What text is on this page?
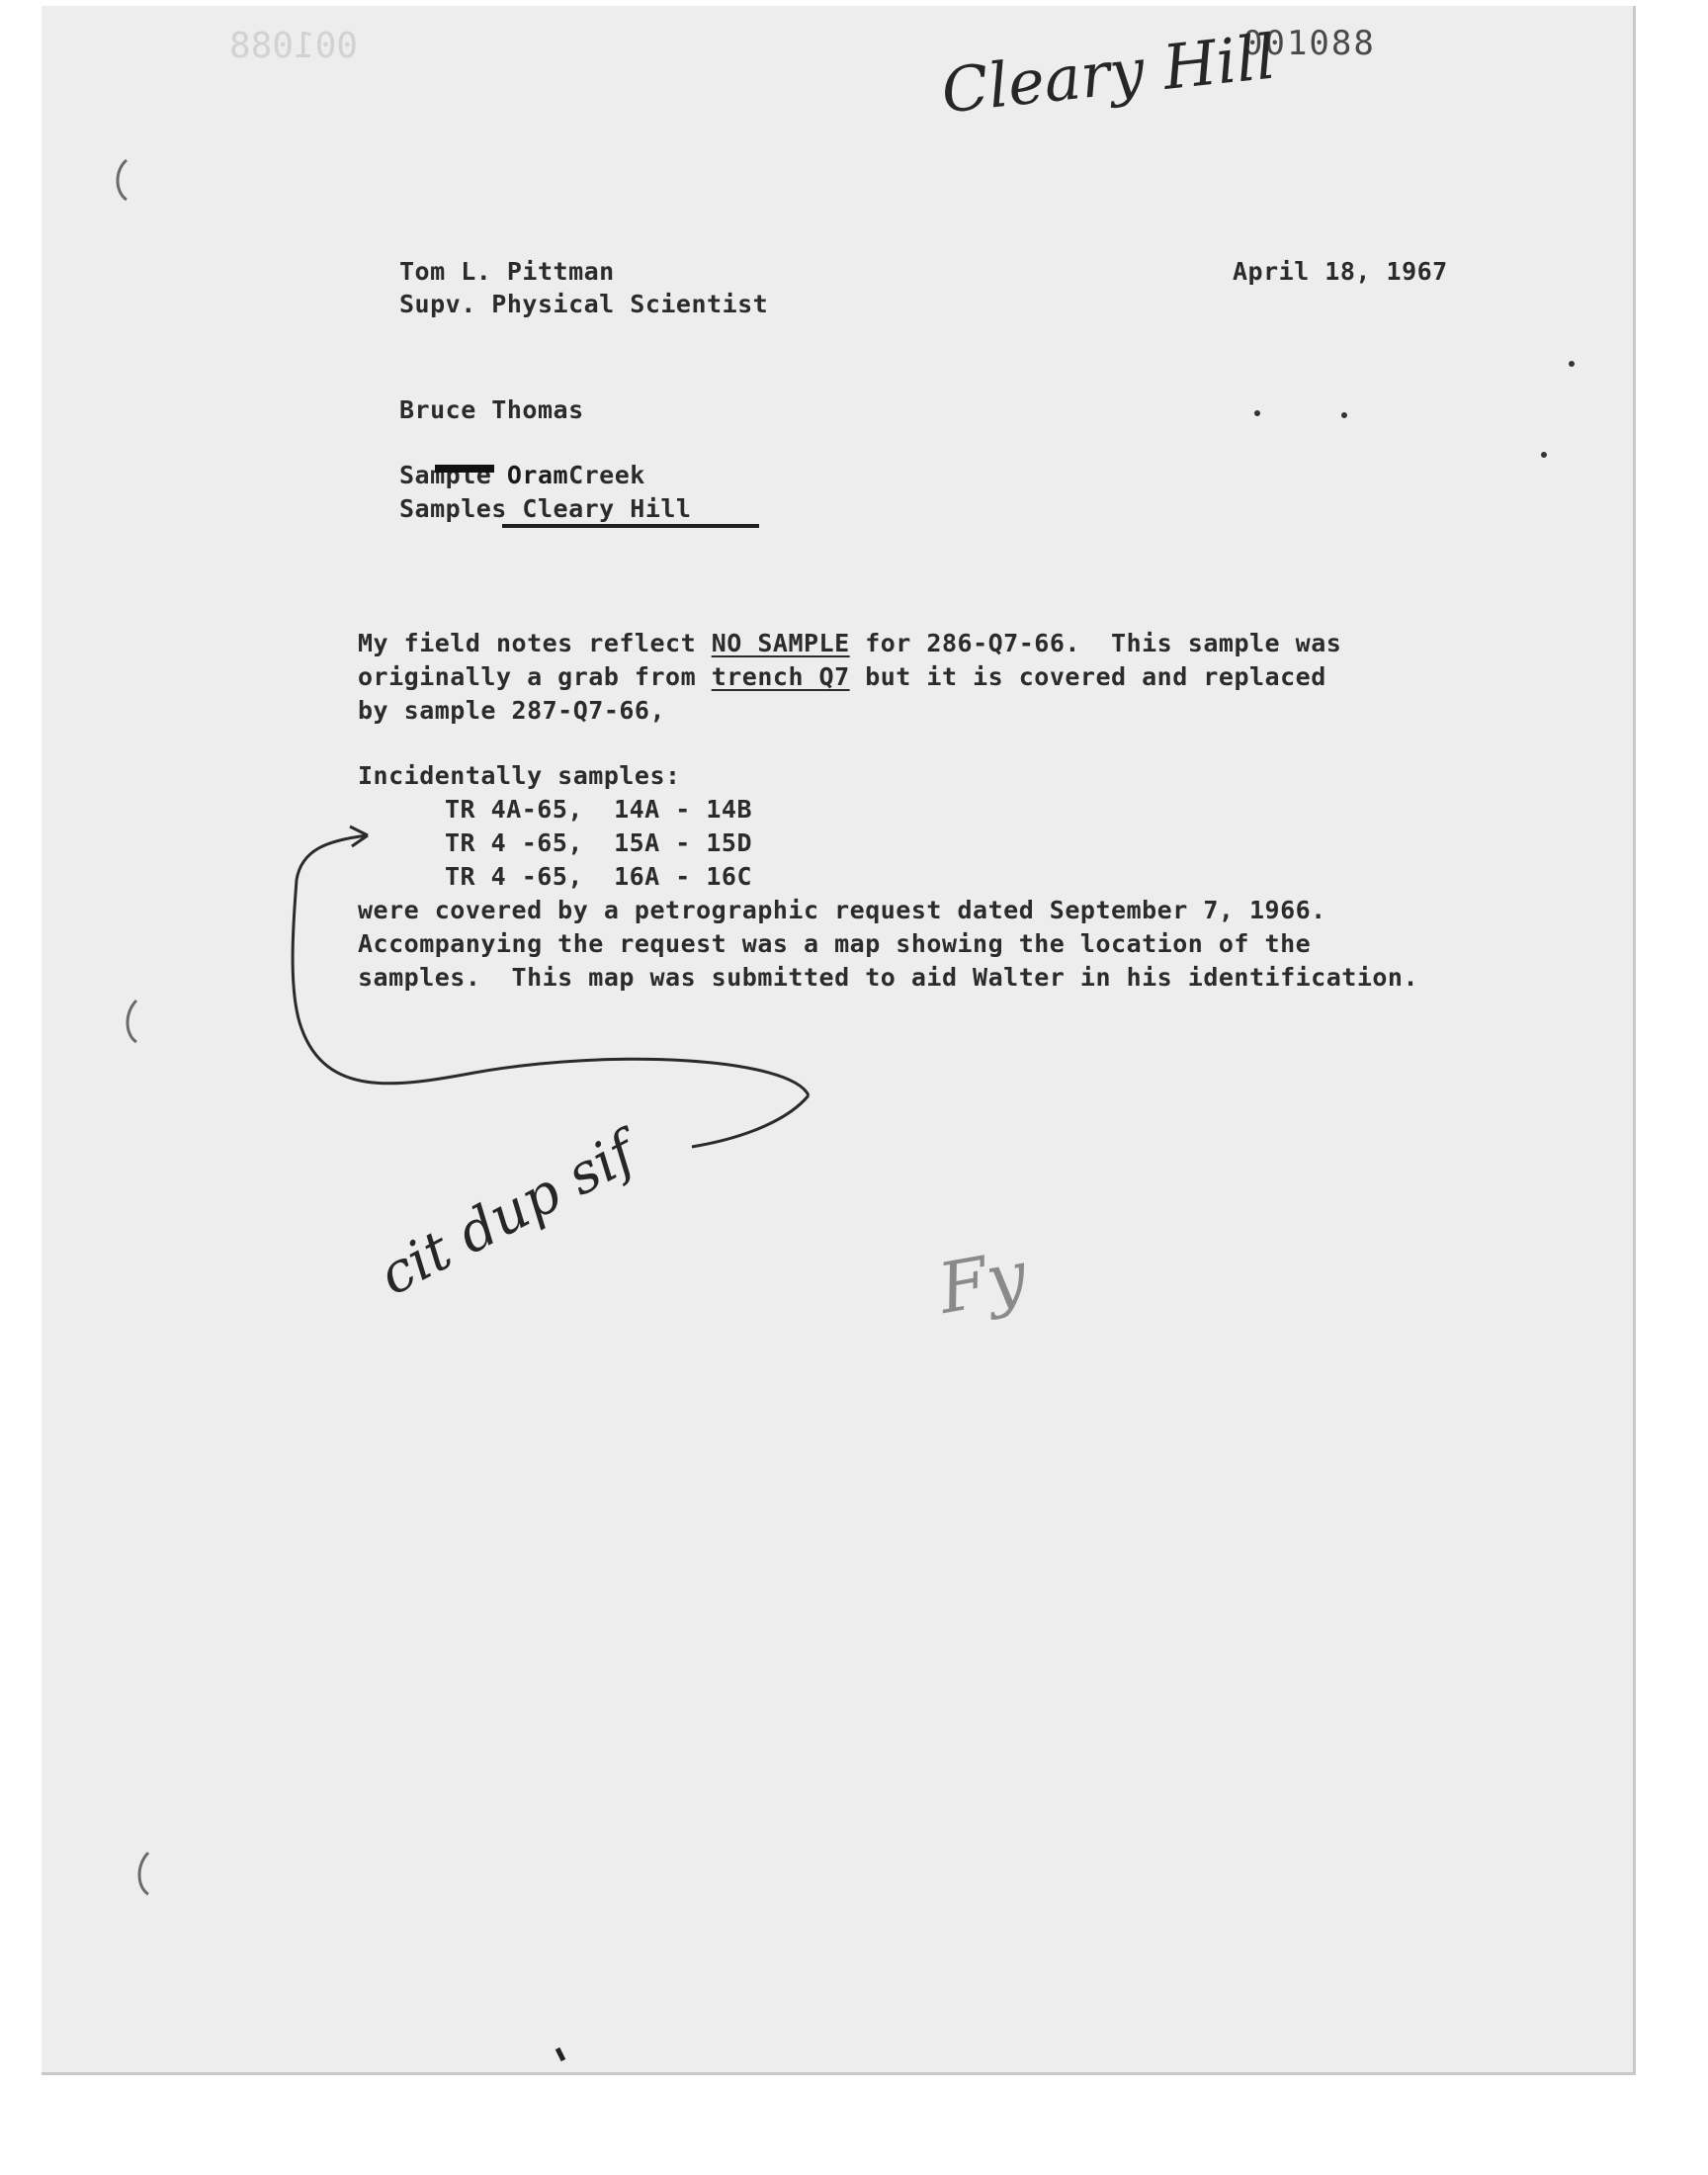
001088	001088
Cleary Hill
Tom L. Pittman
Supv. Physical Scientist
April 18, 1967
Bruce Thomas
Sample OramCreek
Samples Cleary Hill
My field notes reflect NO SAMPLE for 286-Q7-66.  This sample was
originally a grab from trench Q7 but it is covered and replaced
by sample 287-Q7-66,
Incidentally samples:
TR 4A-65,  14A - 14B
TR 4 -65,  15A - 15D
TR 4 -65,  16A - 16C
were covered by a petrographic request dated September 7, 1966.
Accompanying the request was a map showing the location of the
samples.  This map was submitted to aid Walter in his identification.
cit dup sif	Fy
